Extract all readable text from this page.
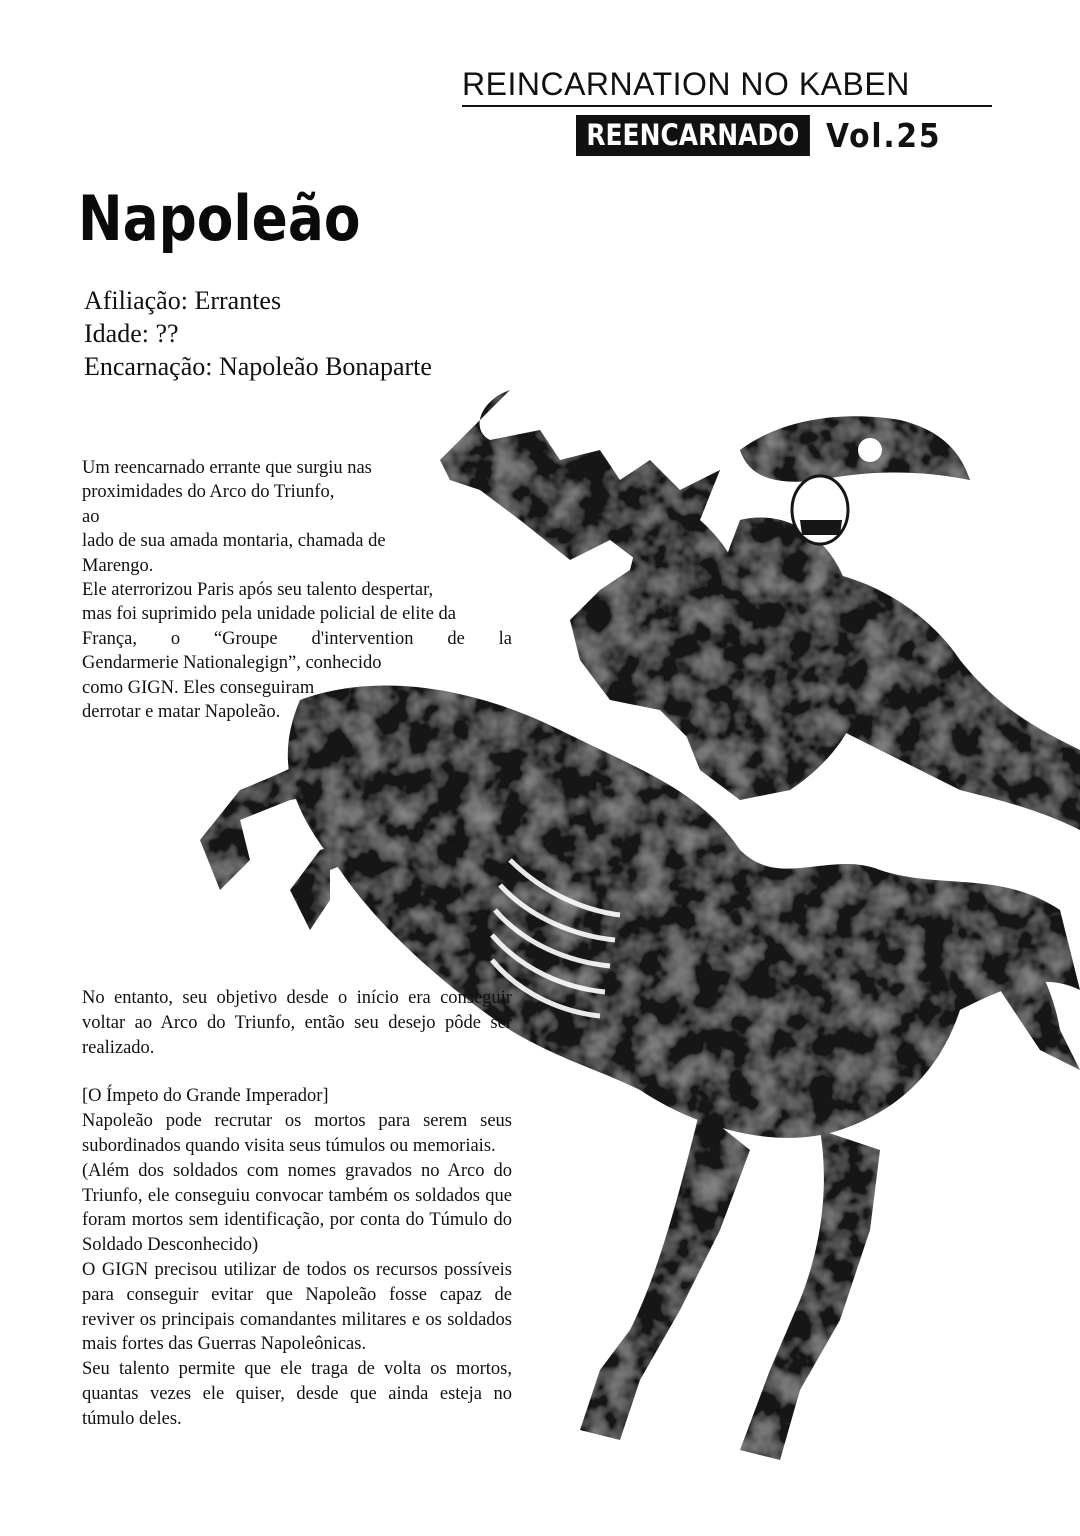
REINCARNATION NO KABEN
REENCARNADO Vol.25
Napoleão
Afiliação: Errantes
Idade: ??
Encarnação: Napoleão Bonaparte

Um reencarnado errante que surgiu nas

proximidades do Arco do Triunfo, ao

lado de sua amada montaria, chamada de

Marengo.

Ele aterrorizou Paris após seu talento despertar,

mas foi suprimido pela unidade policial de elite da

França, o “Groupe d'intervention de la

Gendarmerie Nationalegign”, conhecido

como GIGN. Eles conseguiram

derrotar e matar Napoleão.

No entanto, seu objetivo desde o início era conseguir voltar ao Arco do Triunfo, então seu desejo pôde ser realizado.

[O Ímpeto do Grande Imperador]

Napoleão pode recrutar os mortos para serem seus subordinados quando visita seus túmulos ou memoriais.

(Além dos soldados com nomes gravados no Arco do Triunfo, ele conseguiu convocar também os soldados que foram mortos sem identificação, por conta do Túmulo do Soldado Desconhecido)

O GIGN precisou utilizar de todos os recursos possíveis para conseguir evitar que Napoleão fosse capaz de reviver os principais comandantes militares e os soldados mais fortes das Guerras Napoleônicas.

Seu talento permite que ele traga de volta os mortos, quantas vezes ele quiser, desde que ainda esteja no túmulo deles.
